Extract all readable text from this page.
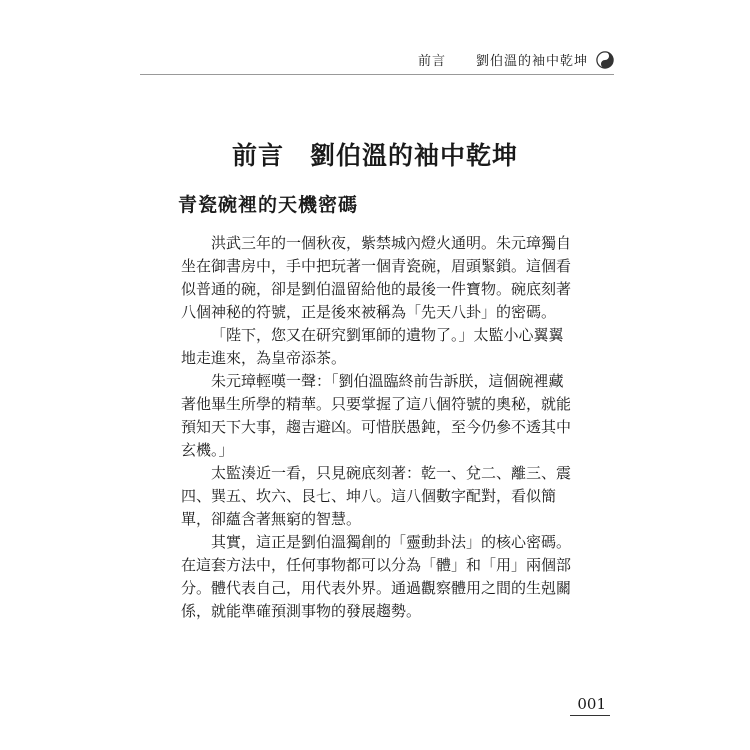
前言 劉伯溫的袖中乾坤
前言　 劉伯溫的袖中乾坤
青瓷碗裡的天機密碼

洪武三年的一個秋夜，紫禁城內燈火通明。朱元璋獨自坐在御書房中，手中把玩著一個青瓷碗，眉頭緊鎖。這個看似普通的碗，卻是劉伯溫留給他的最後一件寶物。碗底刻著八個神秘的符號，正是後來被稱為「先天八卦」的密碼。

「陛下，您又在研究劉軍師的遺物了。」太監小心翼翼地走進來，為皇帝添茶。

朱元璋輕嘆一聲：「劉伯溫臨終前告訴朕，這個碗裡藏著他畢生所學的精華。只要掌握了這八個符號的奧秘，就能預知天下大事，趨吉避凶。可惜朕愚鈍，至今仍參不透其中玄機。」

太監湊近一看，只見碗底刻著：乾一、兌二、離三、震四、巽五、坎六、艮七、坤八。這八個數字配對，看似簡單，卻蘊含著無窮的智慧。

其實，這正是劉伯溫獨創的「靈動卦法」的核心密碼。在這套方法中，任何事物都可以分為「體」和「用」兩個部分。體代表自己，用代表外界。通過觀察體用之間的生剋關係，就能準確預測事物的發展趨勢。

001
